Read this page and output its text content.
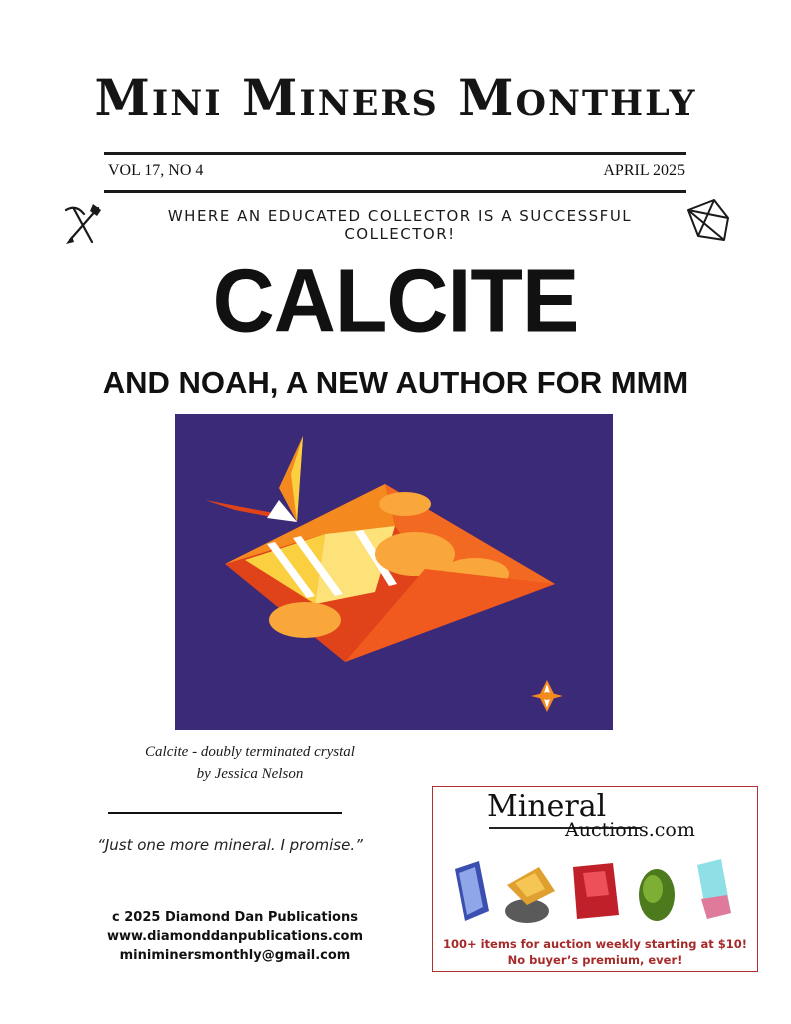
Mini Miners Monthly
VOL 17, NO 4	APRIL 2025
WHERE AN EDUCATED COLLECTOR IS A SUCCESSFUL COLLECTOR!
CALCITE
AND NOAH, A NEW AUTHOR FOR MMM
Calcite - doubly terminated crystal
by Jessica Nelson
“Just one more mineral. I promise.”
c 2025 Diamond Dan Publications
www.diamonddanpublications.com
miniminersmonthly@gmail.com
Mineral
Auctions.com
100+ items for auction weekly starting at $10!
No buyer’s premium, ever!
